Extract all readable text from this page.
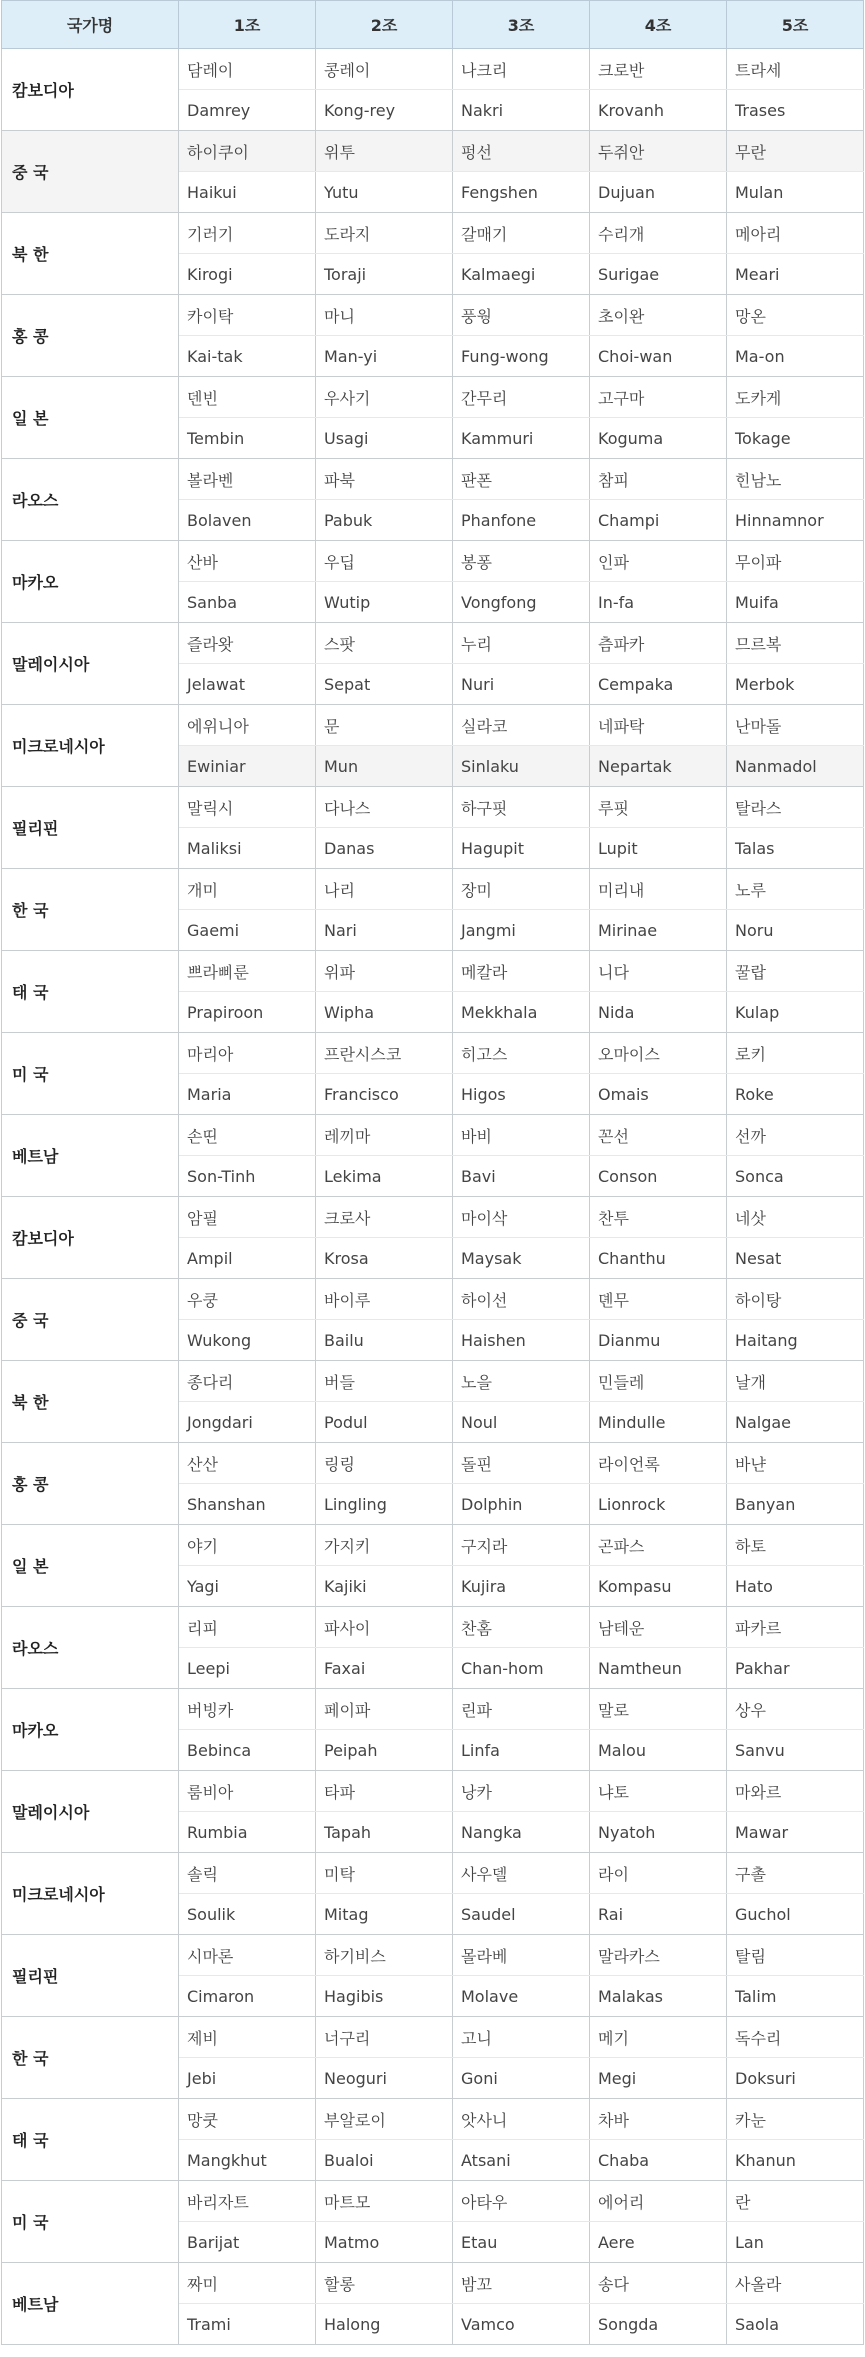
국가명	1조	2조	3조	4조	5조
캄보디아	담레이	콩레이	나크리	크로반	트라세
	Damrey	Kong-rey	Nakri	Krovanh	Trases
중 국	하이쿠이	위투	펑선	두쥐안	무란
	Haikui	Yutu	Fengshen	Dujuan	Mulan
북 한	기러기	도라지	갈매기	수리개	메아리
	Kirogi	Toraji	Kalmaegi	Surigae	Meari
홍 콩	카이탁	마니	풍웡	초이완	망온
	Kai-tak	Man-yi	Fung-wong	Choi-wan	Ma-on
일 본	덴빈	우사기	간무리	고구마	도카게
	Tembin	Usagi	Kammuri	Koguma	Tokage
라오스	볼라벤	파북	판폰	참피	힌남노
	Bolaven	Pabuk	Phanfone	Champi	Hinnamnor
마카오	산바	우딥	봉퐁	인파	무이파
	Sanba	Wutip	Vongfong	In-fa	Muifa
말레이시아	즐라왓	스팟	누리	츰파카	므르복
	Jelawat	Sepat	Nuri	Cempaka	Merbok
미크로네시아	에위니아	문	실라코	네파탁	난마돌
	Ewiniar	Mun	Sinlaku	Nepartak	Nanmadol
필리핀	말릭시	다나스	하구핏	루핏	탈라스
	Maliksi	Danas	Hagupit	Lupit	Talas
한 국	개미	나리	장미	미리내	노루
	Gaemi	Nari	Jangmi	Mirinae	Noru
태 국	쁘라삐룬	위파	메칼라	니다	꿀랍
	Prapiroon	Wipha	Mekkhala	Nida	Kulap
미 국	마리아	프란시스코	히고스	오마이스	로키
	Maria	Francisco	Higos	Omais	Roke
베트남	손띤	레끼마	바비	꼰선	선까
	Son-Tinh	Lekima	Bavi	Conson	Sonca
캄보디아	암필	크로사	마이삭	찬투	네삿
	Ampil	Krosa	Maysak	Chanthu	Nesat
중 국	우쿵	바이루	하이선	뎬무	하이탕
	Wukong	Bailu	Haishen	Dianmu	Haitang
북 한	종다리	버들	노을	민들레	날개
	Jongdari	Podul	Noul	Mindulle	Nalgae
홍 콩	산산	링링	돌핀	라이언록	바냔
	Shanshan	Lingling	Dolphin	Lionrock	Banyan
일 본	야기	가지키	구지라	곤파스	하토
	Yagi	Kajiki	Kujira	Kompasu	Hato
라오스	리피	파사이	찬홈	남테운	파카르
	Leepi	Faxai	Chan-hom	Namtheun	Pakhar
마카오	버빙카	페이파	린파	말로	상우
	Bebinca	Peipah	Linfa	Malou	Sanvu
말레이시아	룸비아	타파	낭카	냐토	마와르
	Rumbia	Tapah	Nangka	Nyatoh	Mawar
미크로네시아	솔릭	미탁	사우델	라이	구촐
	Soulik	Mitag	Saudel	Rai	Guchol
필리핀	시마론	하기비스	몰라베	말라카스	탈림
	Cimaron	Hagibis	Molave	Malakas	Talim
한 국	제비	너구리	고니	메기	독수리
	Jebi	Neoguri	Goni	Megi	Doksuri
태 국	망쿳	부알로이	앗사니	차바	카눈
	Mangkhut	Bualoi	Atsani	Chaba	Khanun
미 국	바리자트	마트모	아타우	에어리	란
	Barijat	Matmo	Etau	Aere	Lan
베트남	짜미	할롱	밤꼬	송다	사올라
	Trami	Halong	Vamco	Songda	Saola
